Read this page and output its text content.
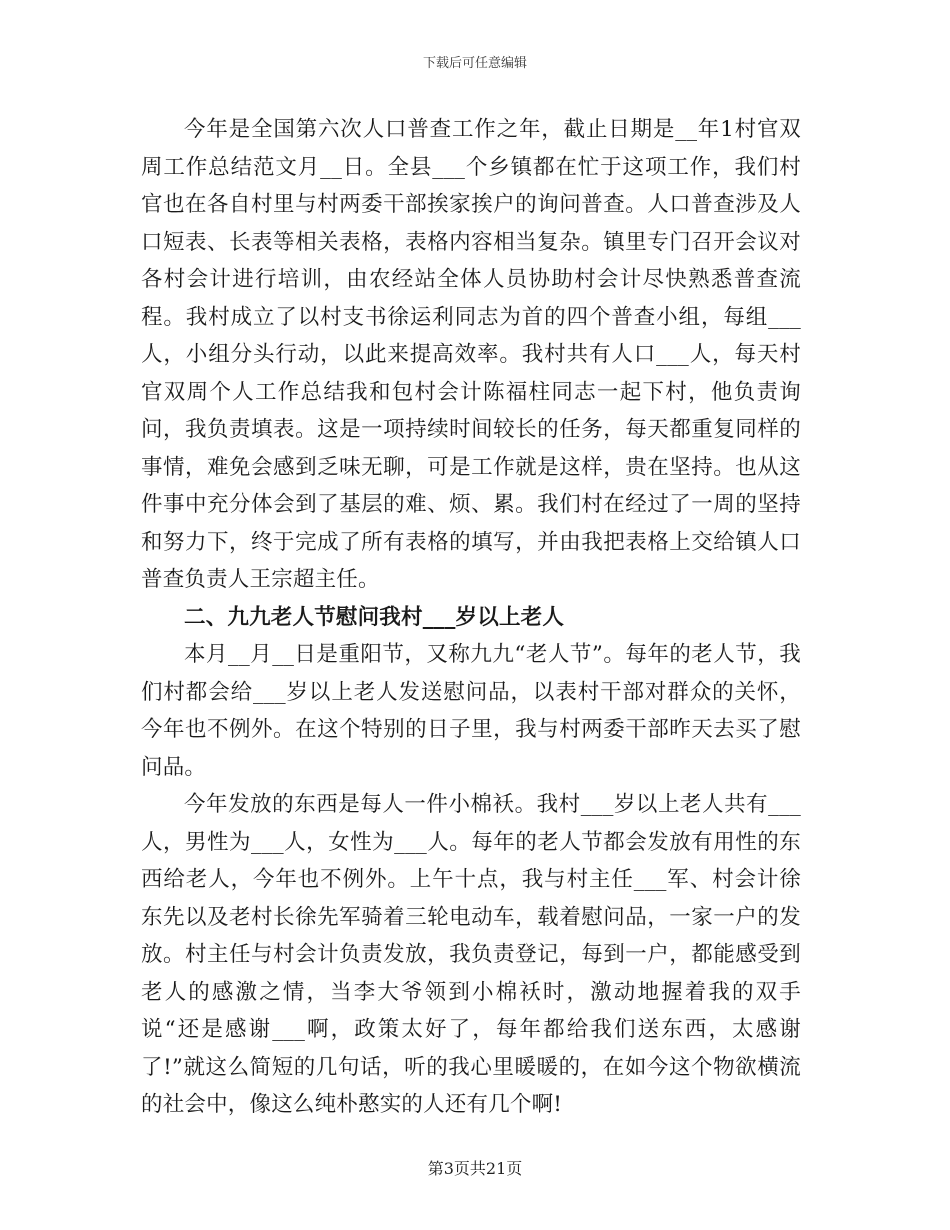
下载后可任意编辑

今年是全国第六次人口普查工作之年，截止日期是__年1村官双周工作总结范文月__日。全县___个乡镇都在忙于这项工作，我们村官也在各自村里与村两委干部挨家挨户的询问普查。人口普查涉及人口短表、长表等相关表格，表格内容相当复杂。镇里专门召开会议对各村会计进行培训，由农经站全体人员协助村会计尽快熟悉普查流程。我村成立了以村支书徐运利同志为首的四个普查小组，每组___人，小组分头行动，以此来提高效率。我村共有人口___人，每天村官双周个人工作总结我和包村会计陈福柱同志一起下村，他负责询问，我负责填表。这是一项持续时间较长的任务，每天都重复同样的事情，难免会感到乏味无聊，可是工作就是这样，贵在坚持。也从这件事中充分体会到了基层的难、烦、累。我们村在经过了一周的坚持和努力下，终于完成了所有表格的填写，并由我把表格上交给镇人口普查负责人王宗超主任。

二、九九老人节慰问我村___岁以上老人

本月__月__日是重阳节，又称九九“老人节”。每年的老人节，我们村都会给___岁以上老人发送慰问品，以表村干部对群众的关怀，今年也不例外。在这个特别的日子里，我与村两委干部昨天去买了慰问品。

今年发放的东西是每人一件小棉袄。我村___岁以上老人共有___人，男性为___人，女性为___人。每年的老人节都会发放有用性的东西给老人，今年也不例外。上午十点，我与村主任___军、村会计徐东先以及老村长徐先军骑着三轮电动车，载着慰问品，一家一户的发放。村主任与村会计负责发放，我负责登记，每到一户，都能感受到老人的感激之情，当李大爷领到小棉袄时，激动地握着我的双手说“还是感谢___啊，政策太好了，每年都给我们送东西，太感谢了!”就这么简短的几句话，听的我心里暖暖的，在如今这个物欲横流的社会中，像这么纯朴憨实的人还有几个啊!

第3页共21页
